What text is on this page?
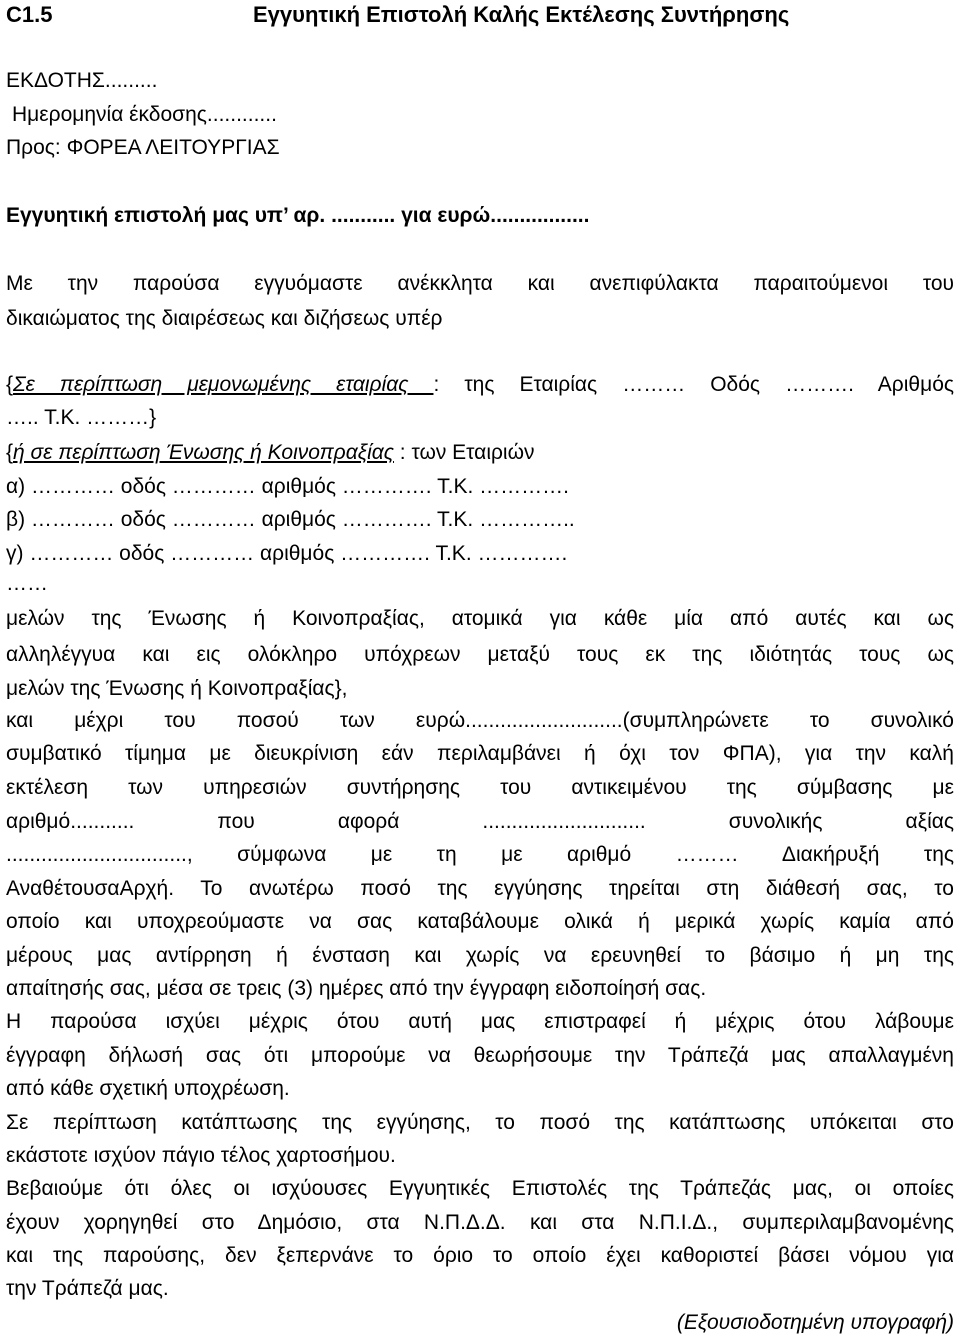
C1.5	Εγγυητική Επιστολή Καλής Εκτέλεσης Συντήρησης
ΕΚΔΟΤΗΣ.........
Ημερομηνία έκδοσης............
Προς: ΦΟΡΕΑ ΛΕΙΤΟΥΡΓΙΑΣ
Εγγυητική επιστολή μας υπ’ αρ. ........... για ευρώ.................
Με την παρούσα εγγυόμαστε ανέκκλητα και ανεπιφύλακτα παραιτούμενοι του
δικαιώματος της διαιρέσεως και διζήσεως υπέρ
{Σε περίπτωση μεμονωμένης εταιρίας : της Εταιρίας ……… Οδός ………. Αριθμός
….. Τ.Κ. ………}
{ή σε περίπτωση Ένωσης ή Κοινοπραξίας : των Εταιριών
α) ………… οδός ………… αριθμός …………. Τ.Κ. ………….
β) ………… οδός ………… αριθμός …………. Τ.Κ. …………..
γ) ………… οδός ………… αριθμός …………. Τ.Κ. ………….
……
μελών της Ένωσης ή Κοινοπραξίας, ατομικά για κάθε μία από αυτές και ως
αλληλέγγυα και εις ολόκληρο υπόχρεων μεταξύ τους εκ της ιδιότητάς τους ως
μελών της Ένωσης ή Κοινοπραξίας},
και μέχρι του ποσού των ευρώ...........................(συμπληρώνετε το συνολικό
συμβατικό τίμημα με διευκρίνιση εάν περιλαμβάνει ή όχι τον ΦΠΑ), για την καλή
εκτέλεση των υπηρεσιών συντήρησης του αντικειμένου της σύμβασης με
αριθμό........... που αφορά ............................ συνολικής αξίας
..............................., σύμφωνα με τη με αριθμό ……… Διακήρυξή της
ΑναθέτουσαΑρχή. Το ανωτέρω ποσό της εγγύησης τηρείται στη διάθεσή σας, το
οποίο και υποχρεούμαστε να σας καταβάλουμε ολικά ή μερικά χωρίς καμία από
μέρους μας αντίρρηση ή ένσταση και χωρίς να ερευνηθεί το βάσιμο ή μη της
απαίτησής σας, μέσα σε τρεις (3) ημέρες από την έγγραφη ειδοποίησή σας.
Η παρούσα ισχύει μέχρις ότου αυτή μας επιστραφεί ή μέχρις ότου λάβουμε
έγγραφη δήλωσή σας ότι μπορούμε να θεωρήσουμε την Τράπεζά μας απαλλαγμένη
από κάθε σχετική υποχρέωση.
Σε περίπτωση κατάπτωσης της εγγύησης, το ποσό της κατάπτωσης υπόκειται στο
εκάστοτε ισχύον πάγιο τέλος χαρτοσήμου.
Βεβαιούμε ότι όλες οι ισχύουσες Εγγυητικές Επιστολές της Τράπεζάς μας, οι οποίες
έχουν χορηγηθεί στο Δημόσιο, στα Ν.Π.Δ.Δ. και στα Ν.Π.Ι.Δ., συμπεριλαμβανομένης
και της παρούσης, δεν ξεπερνάνε το όριο το οποίο έχει καθοριστεί βάσει νόμου για
την Τράπεζά μας.
(Εξουσιοδοτημένη υπογραφή)
